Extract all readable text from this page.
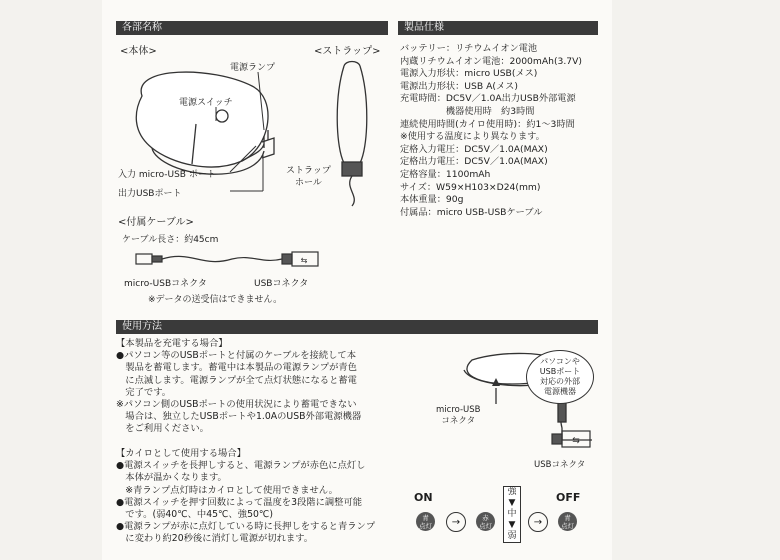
各部名称
<本体>	<ストラップ>
電源ランプ
電源スイッチ
入力 micro-USB ポート
出力USBポート
ストラップ
ホール
<付属ケーブル>
ケーブル長さ：約45cm
⇆
micro-USBコネクタ	USBコネクタ
※データの送受信はできません。
製品仕様
バッテリー：リチウムイオン電池
内蔵リチウムイオン電池：2000mAh(3.7V)
電源入力形状：micro USB(メス)
電源出力形状：USB A(メス)
充電時間：DC5V／1.0A出力USB外部電源
　　　　　機器使用時　約3時間
連続使用時間(カイロ使用時)：約1～3時間
※使用する温度により異なります。
定格入力電圧：DC5V／1.0A(MAX)
定格出力電圧：DC5V／1.0A(MAX)
定格容量：1100mAh
サイズ：W59×H103×D24(mm)
本体重量：90g
付属品：micro USB-USBケーブル
使用方法
【本製品を充電する場合】
●パソコン等のUSBポートと付属のケーブルを接続して本
　製品を蓄電します。蓄電中は本製品の電源ランプが青色
　に点滅します。電源ランプが全て点灯状態になると蓄電
　完了です。
※パソコン側のUSBポートの使用状況により蓄電できない
　場合は、独立したUSBポートや1.0AのUSB外部電源機器
　をご利用ください。
【カイロとして使用する場合】
●電源スイッチを長押しすると、電源ランプが赤色に点灯し
　本体が温かくなります。
　※青ランプ点灯時はカイロとして使用できません。
●電源スイッチを押す回数によって温度を3段階に調整可能
　です。(弱40℃、中45℃、強50℃)
●電源ランプが赤に点灯している時に長押しをすると青ランプ
　に変わり約20秒後に消灯し電源が切れます。
パソコンや
USBポート
対応の外部
電源機器
micro-USB
コネクタ
⇆
USBコネクタ
ON	OFF
青
点灯	→	赤
点灯
強
▼
中
▼
弱
→	青
点灯
